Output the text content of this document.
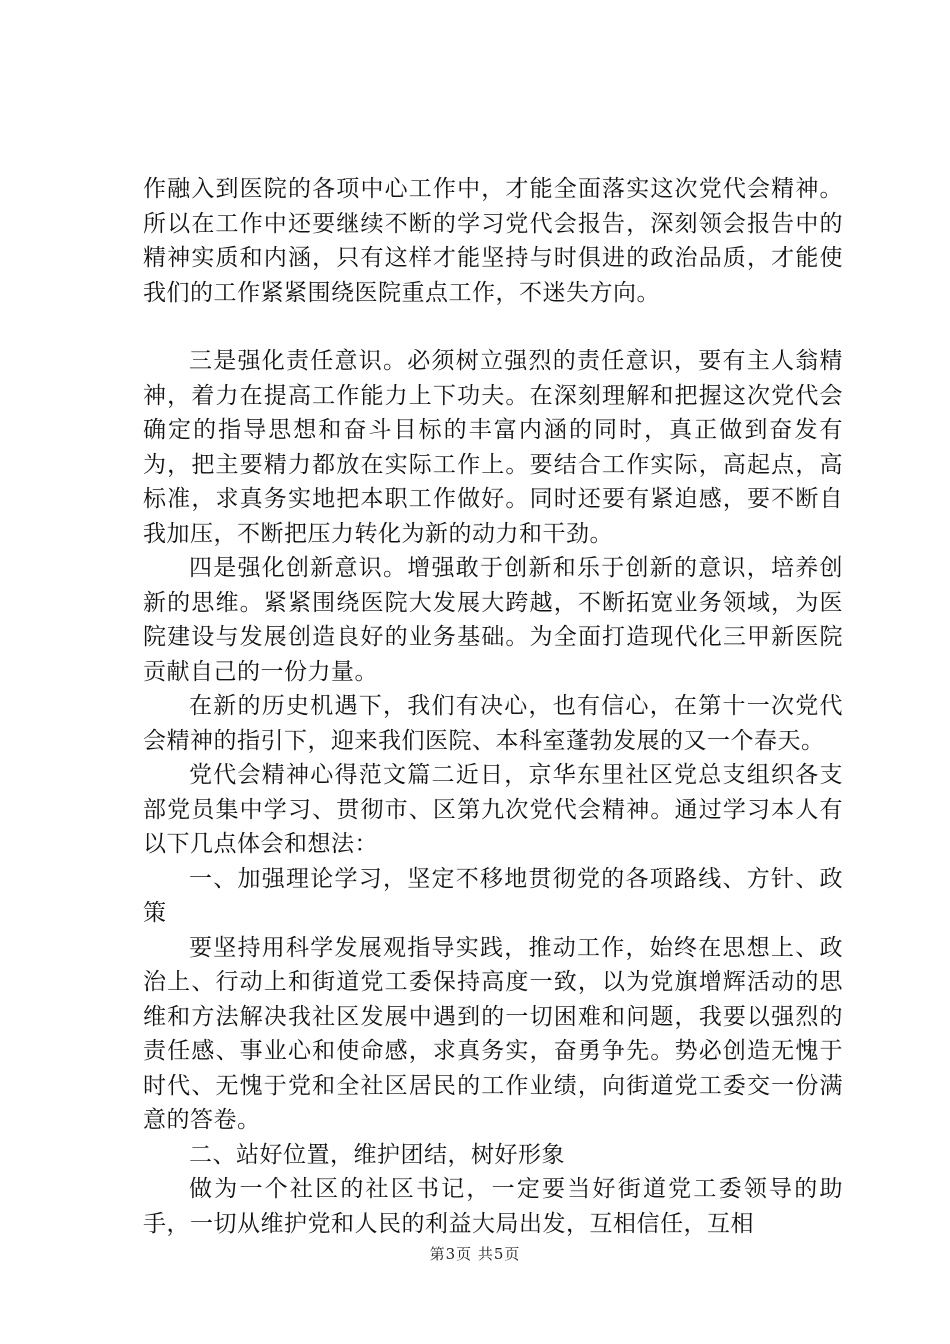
作融入到医院的各项中心工作中，才能全面落实这次党代会精神。所以在工作中还要继续不断的学习党代会报告，深刻领会报告中的精神实质和内涵，只有这样才能坚持与时俱进的政治品质，才能使我们的工作紧紧围绕医院重点工作，不迷失方向。

三是强化责任意识。必须树立强烈的责任意识，要有主人翁精神，着力在提高工作能力上下功夫。在深刻理解和把握这次党代会确定的指导思想和奋斗目标的丰富内涵的同时，真正做到奋发有为，把主要精力都放在实际工作上。要结合工作实际，高起点，高标准，求真务实地把本职工作做好。同时还要有紧迫感，要不断自我加压，不断把压力转化为新的动力和干劲。

四是强化创新意识。增强敢于创新和乐于创新的意识，培养创新的思维。紧紧围绕医院大发展大跨越，不断拓宽业务领域，为医院建设与发展创造良好的业务基础。为全面打造现代化三甲新医院贡献自己的一份力量。

在新的历史机遇下，我们有决心，也有信心，在第十一次党代会精神的指引下，迎来我们医院、本科室蓬勃发展的又一个春天。

党代会精神心得范文篇二近日，京华东里社区党总支组织各支部党员集中学习、贯彻市、区第九次党代会精神。通过学习本人有以下几点体会和想法：

一、加强理论学习，坚定不移地贯彻党的各项路线、方针、政策

要坚持用科学发展观指导实践，推动工作，始终在思想上、政治上、行动上和街道党工委保持高度一致，以为党旗增辉活动的思维和方法解决我社区发展中遇到的一切困难和问题，我要以强烈的责任感、事业心和使命感，求真务实，奋勇争先。势必创造无愧于时代、无愧于党和全社区居民的工作业绩，向街道党工委交一份满意的答卷。

二、站好位置，维护团结，树好形象

做为一个社区的社区书记，一定要当好街道党工委领导的助手，一切从维护党和人民的利益大局出发，互相信任，互相

第3页 共5页
